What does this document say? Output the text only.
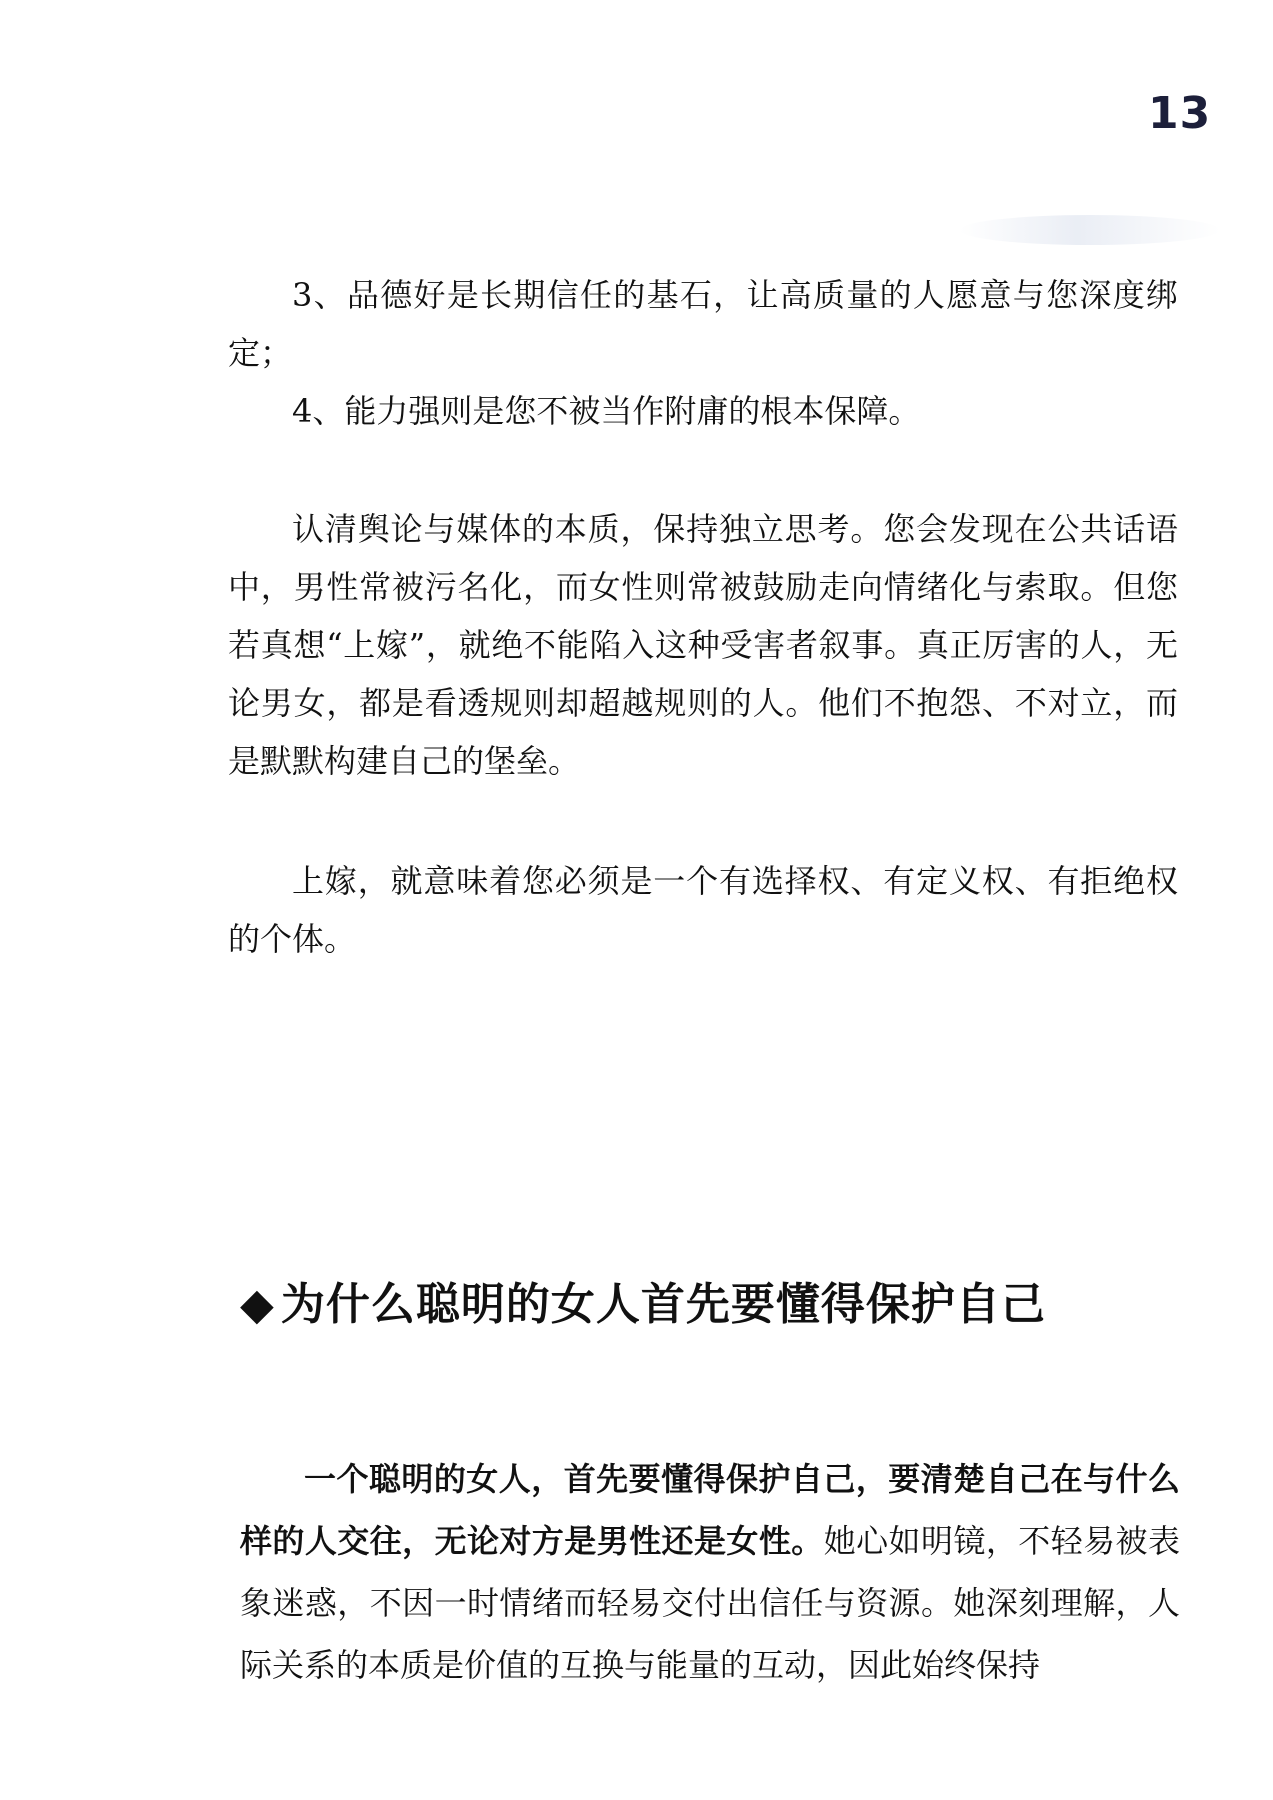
13

3、品德好是长期信任的基石，让高质量的人愿意与您深度绑定；

4、能力强则是您不被当作附庸的根本保障。

认清舆论与媒体的本质，保持独立思考。您会发现在公共话语中，男性常被污名化，而女性则常被鼓励走向情绪化与索取。但您若真想“上嫁”，就绝不能陷入这种受害者叙事。真正厉害的人，无论男女，都是看透规则却超越规则的人。他们不抱怨、不对立，而是默默构建自己的堡垒。

上嫁，就意味着您必须是一个有选择权、有定义权、有拒绝权的个体。

◆ 为什么聪明的女人首先要懂得保护自己

一个聪明的女人，首先要懂得保护自己，要清楚自己在与什么样的人交往，无论对方是男性还是女性。她心如明镜，不轻易被表象迷惑，不因一时情绪而轻易交付出信任与资源。她深刻理解，人际关系的本质是价值的互换与能量的互动，因此始终保持
